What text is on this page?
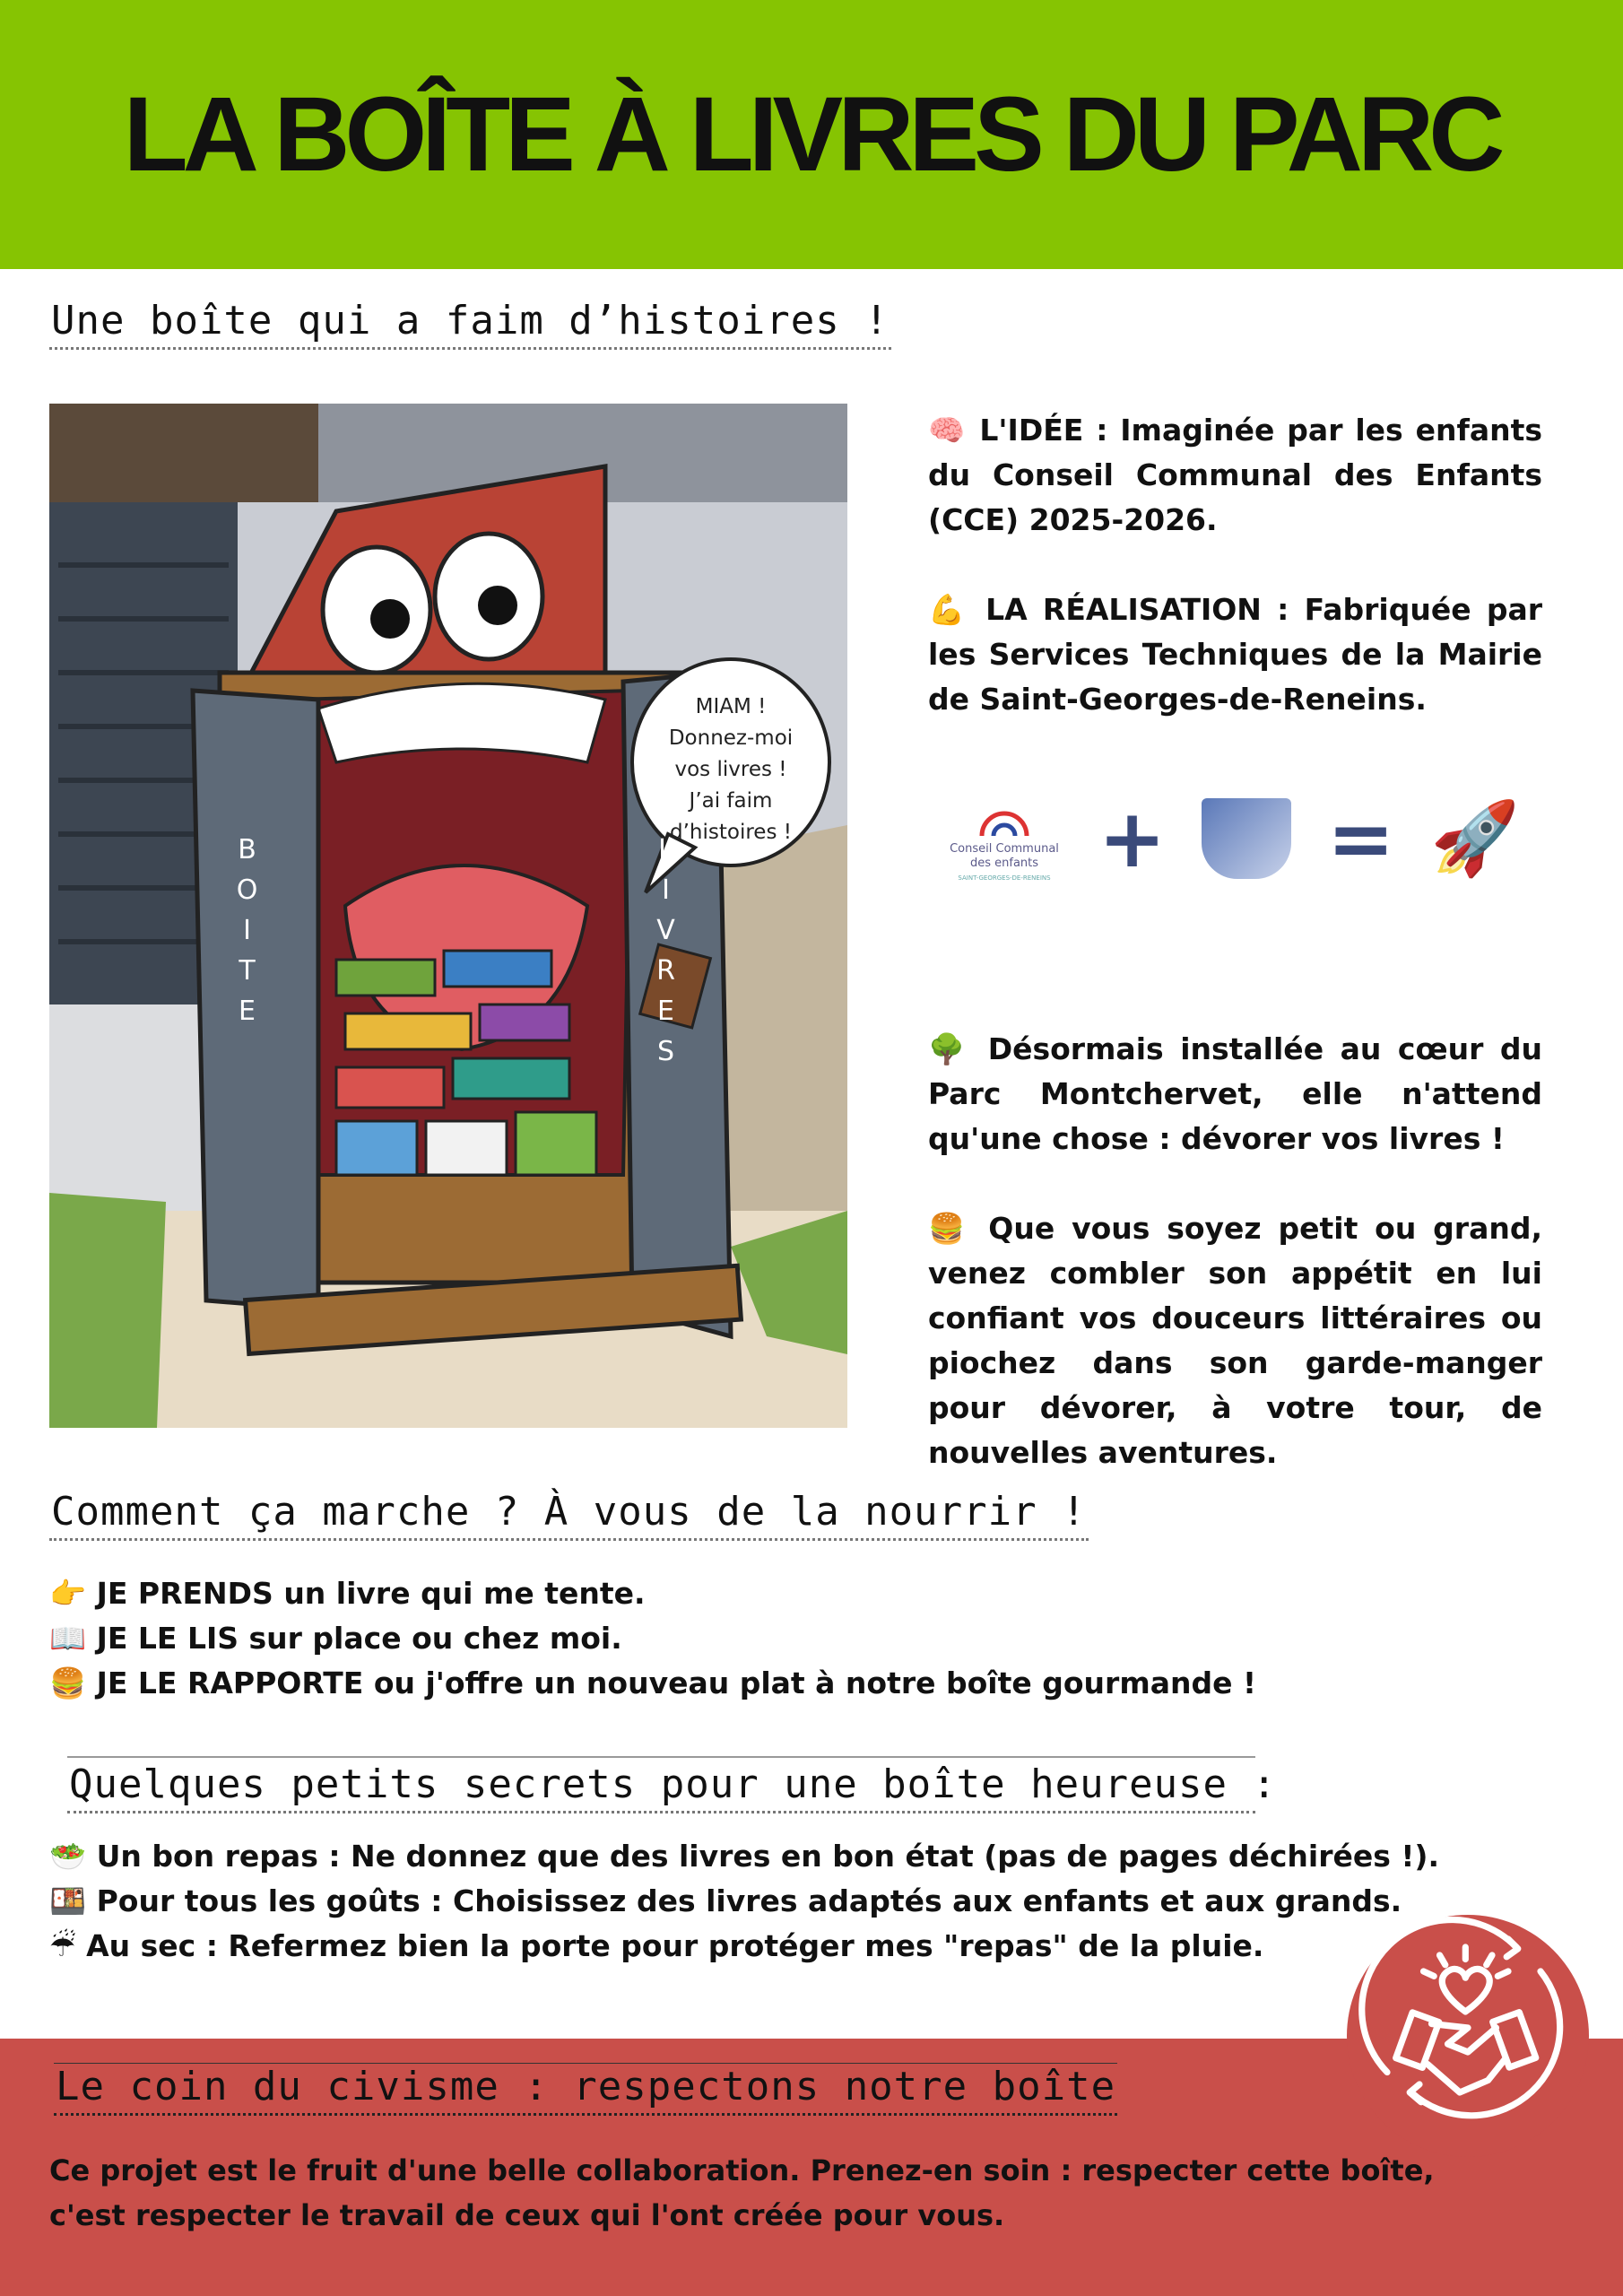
LA BOÎTE À LIVRES DU PARC
Une boîte qui a faim d’histoires !
MIAM !
Donnez-moi
vos livres !
J’ai faim
d’histoires !
BOITE	LIVRES

🧠 L'IDÉE : Imaginée par les enfants du Conseil Communal des Enfants (CCE) 2025-2026.

💪 LA RÉALISATION : Fabriquée par les Services Techniques de la Mairie de Saint-Georges-de-Reneins.

🌳 Désormais installée au cœur du Parc Montchervet, elle n'attend qu'une chose : dévorer vos livres !

🍔 Que vous soyez petit ou grand, venez combler son appétit en lui confiant vos douceurs littéraires ou piochez dans son garde-manger pour dévorer, à votre tour, de nouvelles aventures.

Conseil Communal des enfants
SAINT-GEORGES-DE-RENEINS + = 🚀
Comment ça marche ? À vous de la nourrir !
👉 JE PRENDS un livre qui me tente.
📖 JE LE LIS sur place ou chez moi.
🍔 JE LE RAPPORTE ou j'offre un nouveau plat à notre boîte gourmande !
Quelques petits secrets pour une boîte heureuse :
🥗 Un bon repas : Ne donnez que des livres en bon état (pas de pages déchirées !).
🍱 Pour tous les goûts : Choisissez des livres adaptés aux enfants et aux grands.
☔ Au sec : Refermez bien la porte pour protéger mes "repas" de la pluie.
Le coin du civisme : respectons notre boîte
Ce projet est le fruit d'une belle collaboration. Prenez-en soin : respecter cette boîte, c'est respecter le travail de ceux qui l'ont créée pour vous.
